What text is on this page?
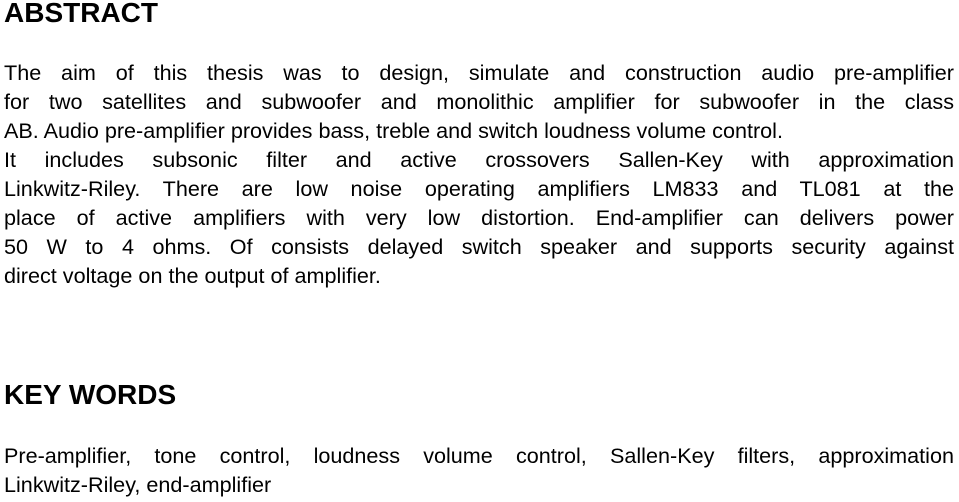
ABSTRACT
The aim of this thesis was to design, simulate and construction audio pre-amplifier
for two satellites and subwoofer and monolithic amplifier for subwoofer in the class
AB. Audio pre-amplifier provides bass, treble and switch loudness volume control.
It includes subsonic filter and active crossovers Sallen-Key with approximation
Linkwitz-Riley. There are low noise operating amplifiers LM833 and TL081 at the
place of active amplifiers with very low distortion. End-amplifier can delivers power
50 W to 4 ohms. Of consists delayed switch speaker and supports security against
direct voltage on the output of amplifier.
KEY WORDS
Pre-amplifier, tone control, loudness volume control, Sallen-Key filters, approximation
Linkwitz-Riley, end-amplifier
